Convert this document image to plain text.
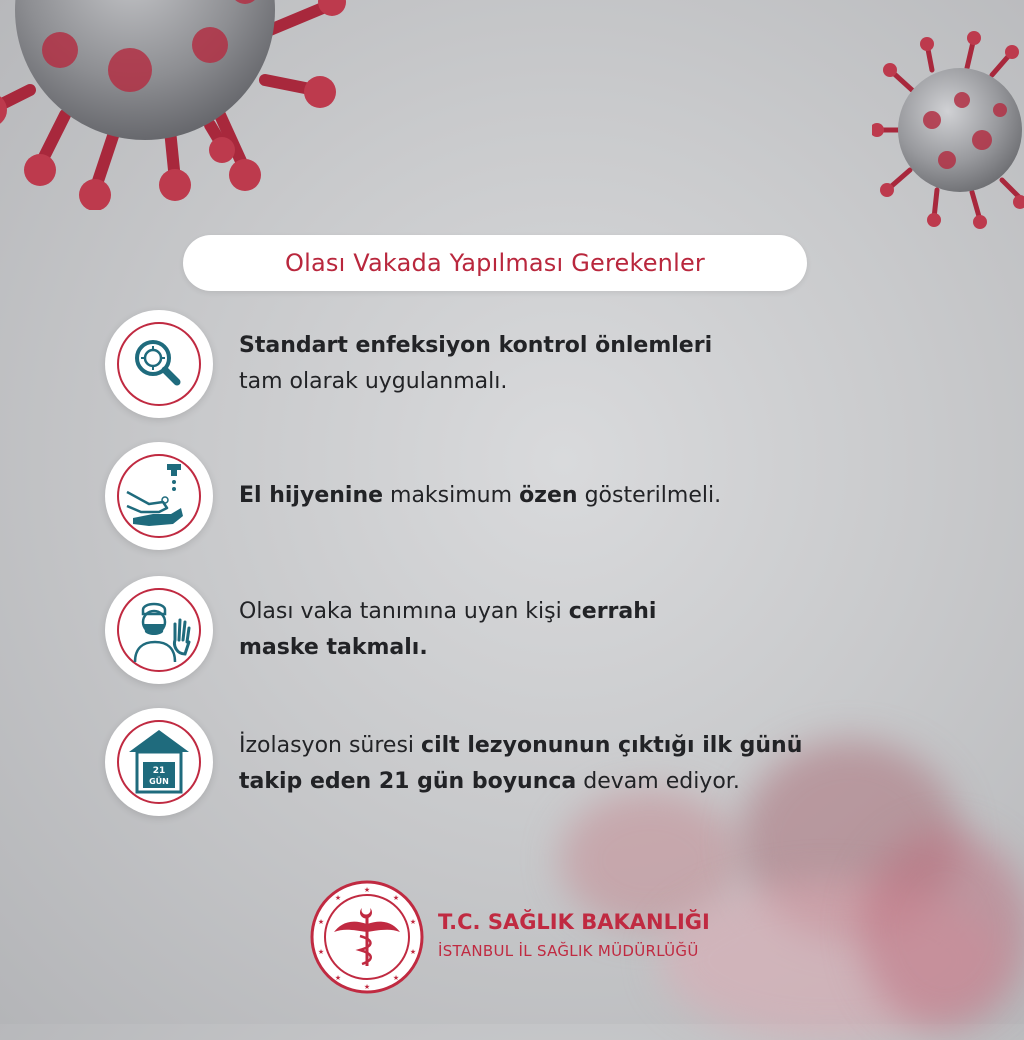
Olası Vakada Yapılması Gerekenler
Standart enfeksiyon kontrol önlemleri
tam olarak uygulanmalı.
El hijyenine maksimum özen gösterilmeli.
Olası vaka tanımına uyan kişi cerrahi
maske takmalı.
21
GÜN
İzolasyon süresi cilt lezyonunun çıktığı ilk günü
takip eden 21 gün boyunca devam ediyor.
★
★
★
★
★
★
★
★
★
★
T.C. SAĞLIK BAKANLIĞI
İSTANBUL İL SAĞLIK MÜDÜRLÜĞÜ
